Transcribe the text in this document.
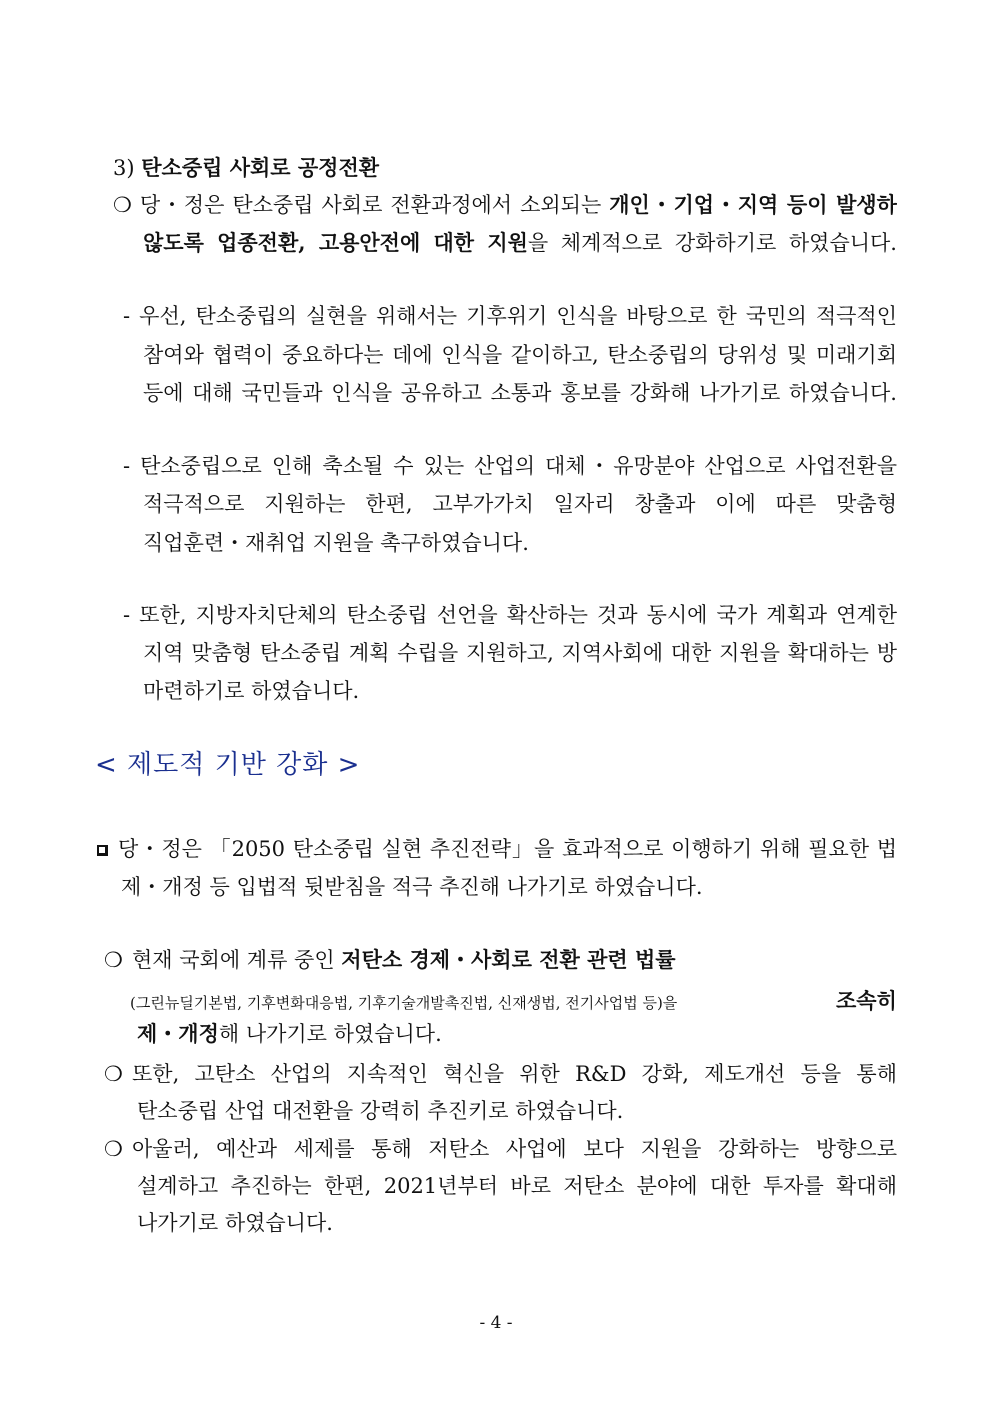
3) 탄소중립 사회로 공정전환
❍ 당・정은 탄소중립 사회로 전환과정에서 소외되는 개인・기업・지역 등이 발생하
않도록 업종전환, 고용안전에 대한 지원을 체계적으로 강화하기로 하였습니다.
- 우선, 탄소중립의 실현을 위해서는 기후위기 인식을 바탕으로 한 국민의 적극적인
참여와 협력이 중요하다는 데에 인식을 같이하고, 탄소중립의 당위성 및 미래기회
등에 대해 국민들과 인식을 공유하고 소통과 홍보를 강화해 나가기로 하였습니다.
- 탄소중립으로 인해 축소될 수 있는 산업의 대체・유망분야 산업으로 사업전환을
적극적으로 지원하는 한편, 고부가가치 일자리 창출과 이에 따른 맞춤형
직업훈련・재취업 지원을 촉구하였습니다.
- 또한, 지방자치단체의 탄소중립 선언을 확산하는 것과 동시에 국가 계획과 연계한
지역 맞춤형 탄소중립 계획 수립을 지원하고, 지역사회에 대한 지원을 확대하는 방
마련하기로 하였습니다.
< 제도적 기반 강화 >
당・정은 「2050 탄소중립 실현 추진전략」을 효과적으로 이행하기 위해 필요한 법
제・개정 등 입법적 뒷받침을 적극 추진해 나가기로 하였습니다.
❍ 현재 국회에 계류 중인 저탄소 경제・사회로 전환 관련 법률
(그린뉴딜기본법, 기후변화대응법, 기후기술개발촉진법, 신재생법, 전기사업법 등)을	조속히
제・개정해 나가기로 하였습니다.
❍ 또한, 고탄소 산업의 지속적인 혁신을 위한 R&D 강화, 제도개선 등을 통해
탄소중립 산업 대전환을 강력히 추진키로 하였습니다.
❍ 아울러, 예산과 세제를 통해 저탄소 사업에 보다 지원을 강화하는 방향으로
설계하고 추진하는 한편, 2021년부터 바로 저탄소 분야에 대한 투자를 확대해
나가기로 하였습니다.
- 4 -
